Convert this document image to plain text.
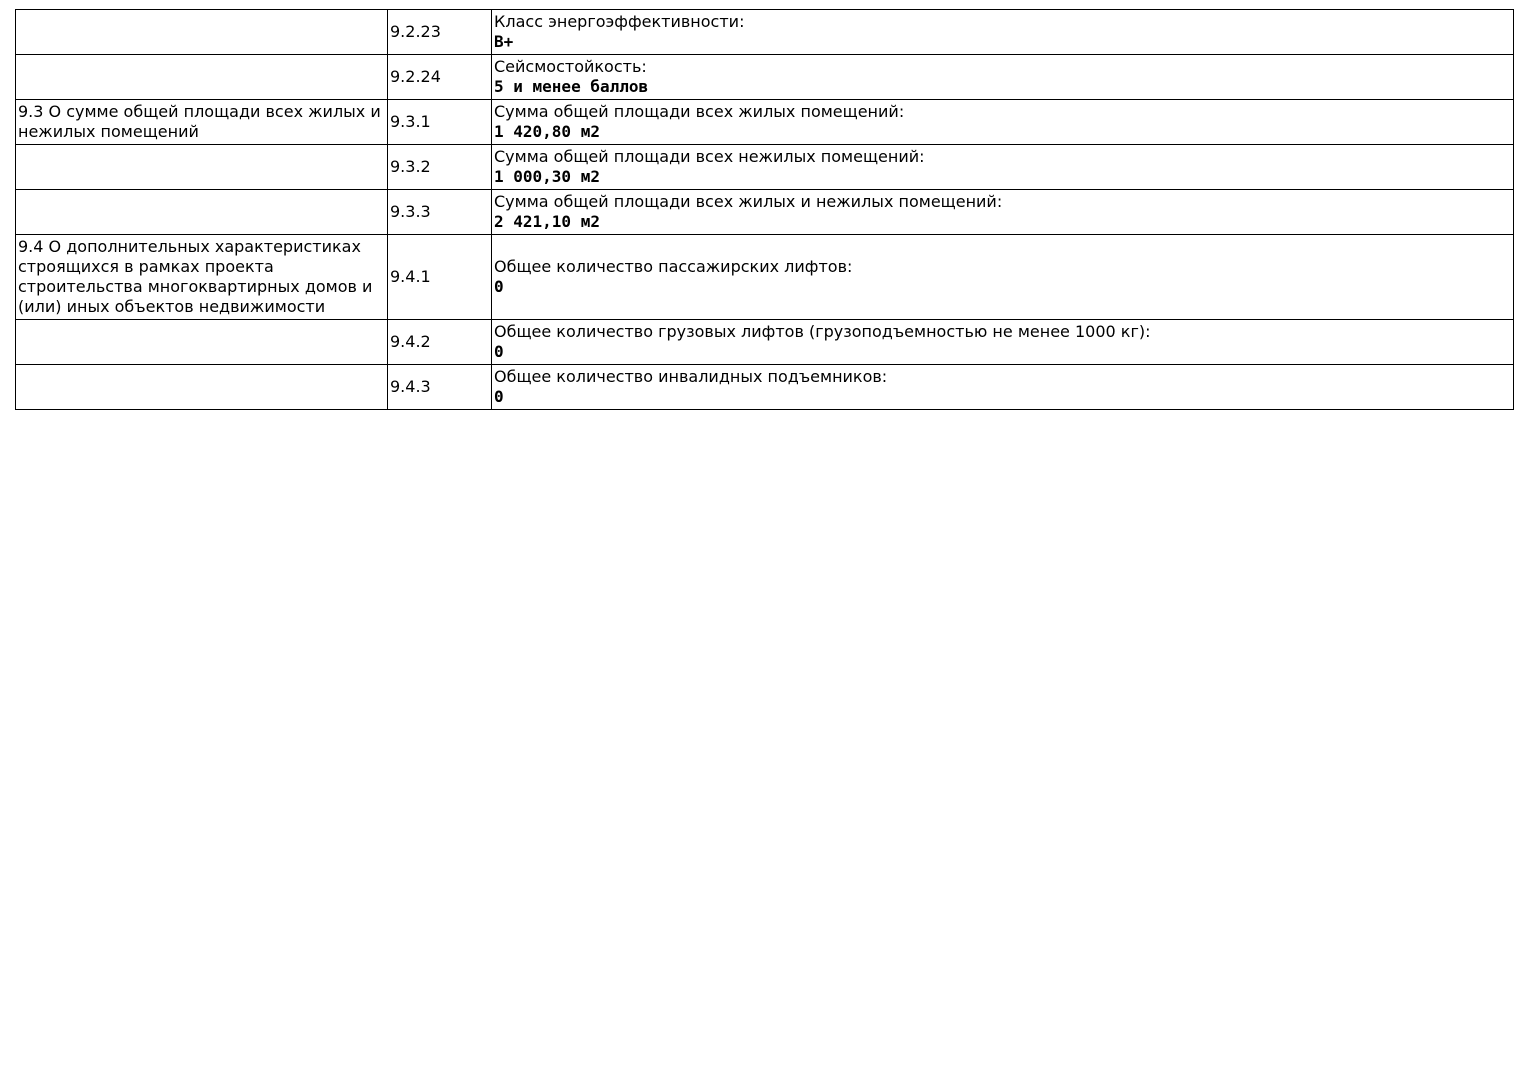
	9.2.23	Класс энергоэффективности:
B+

	9.2.24	Сейсмостойкость:
5 и менее баллов

9.3 О сумме общей площади всех жилых и нежилых помещений	9.3.1	Сумма общей площади всех жилых помещений:
1 420,80 м2

	9.3.2	Сумма общей площади всех нежилых помещений:
1 000,30 м2

	9.3.3	Сумма общей площади всех жилых и нежилых помещений:
2 421,10 м2

9.4 О дополнительных характеристиках строящихся в рамках проекта строительства многоквартирных домов и (или) иных объектов недвижимости	9.4.1	Общее количество пассажирских лифтов:
0

	9.4.2	Общее количество грузовых лифтов (грузоподъемностью не менее 1000 кг):
0

	9.4.3	Общее количество инвалидных подъемников:
0
